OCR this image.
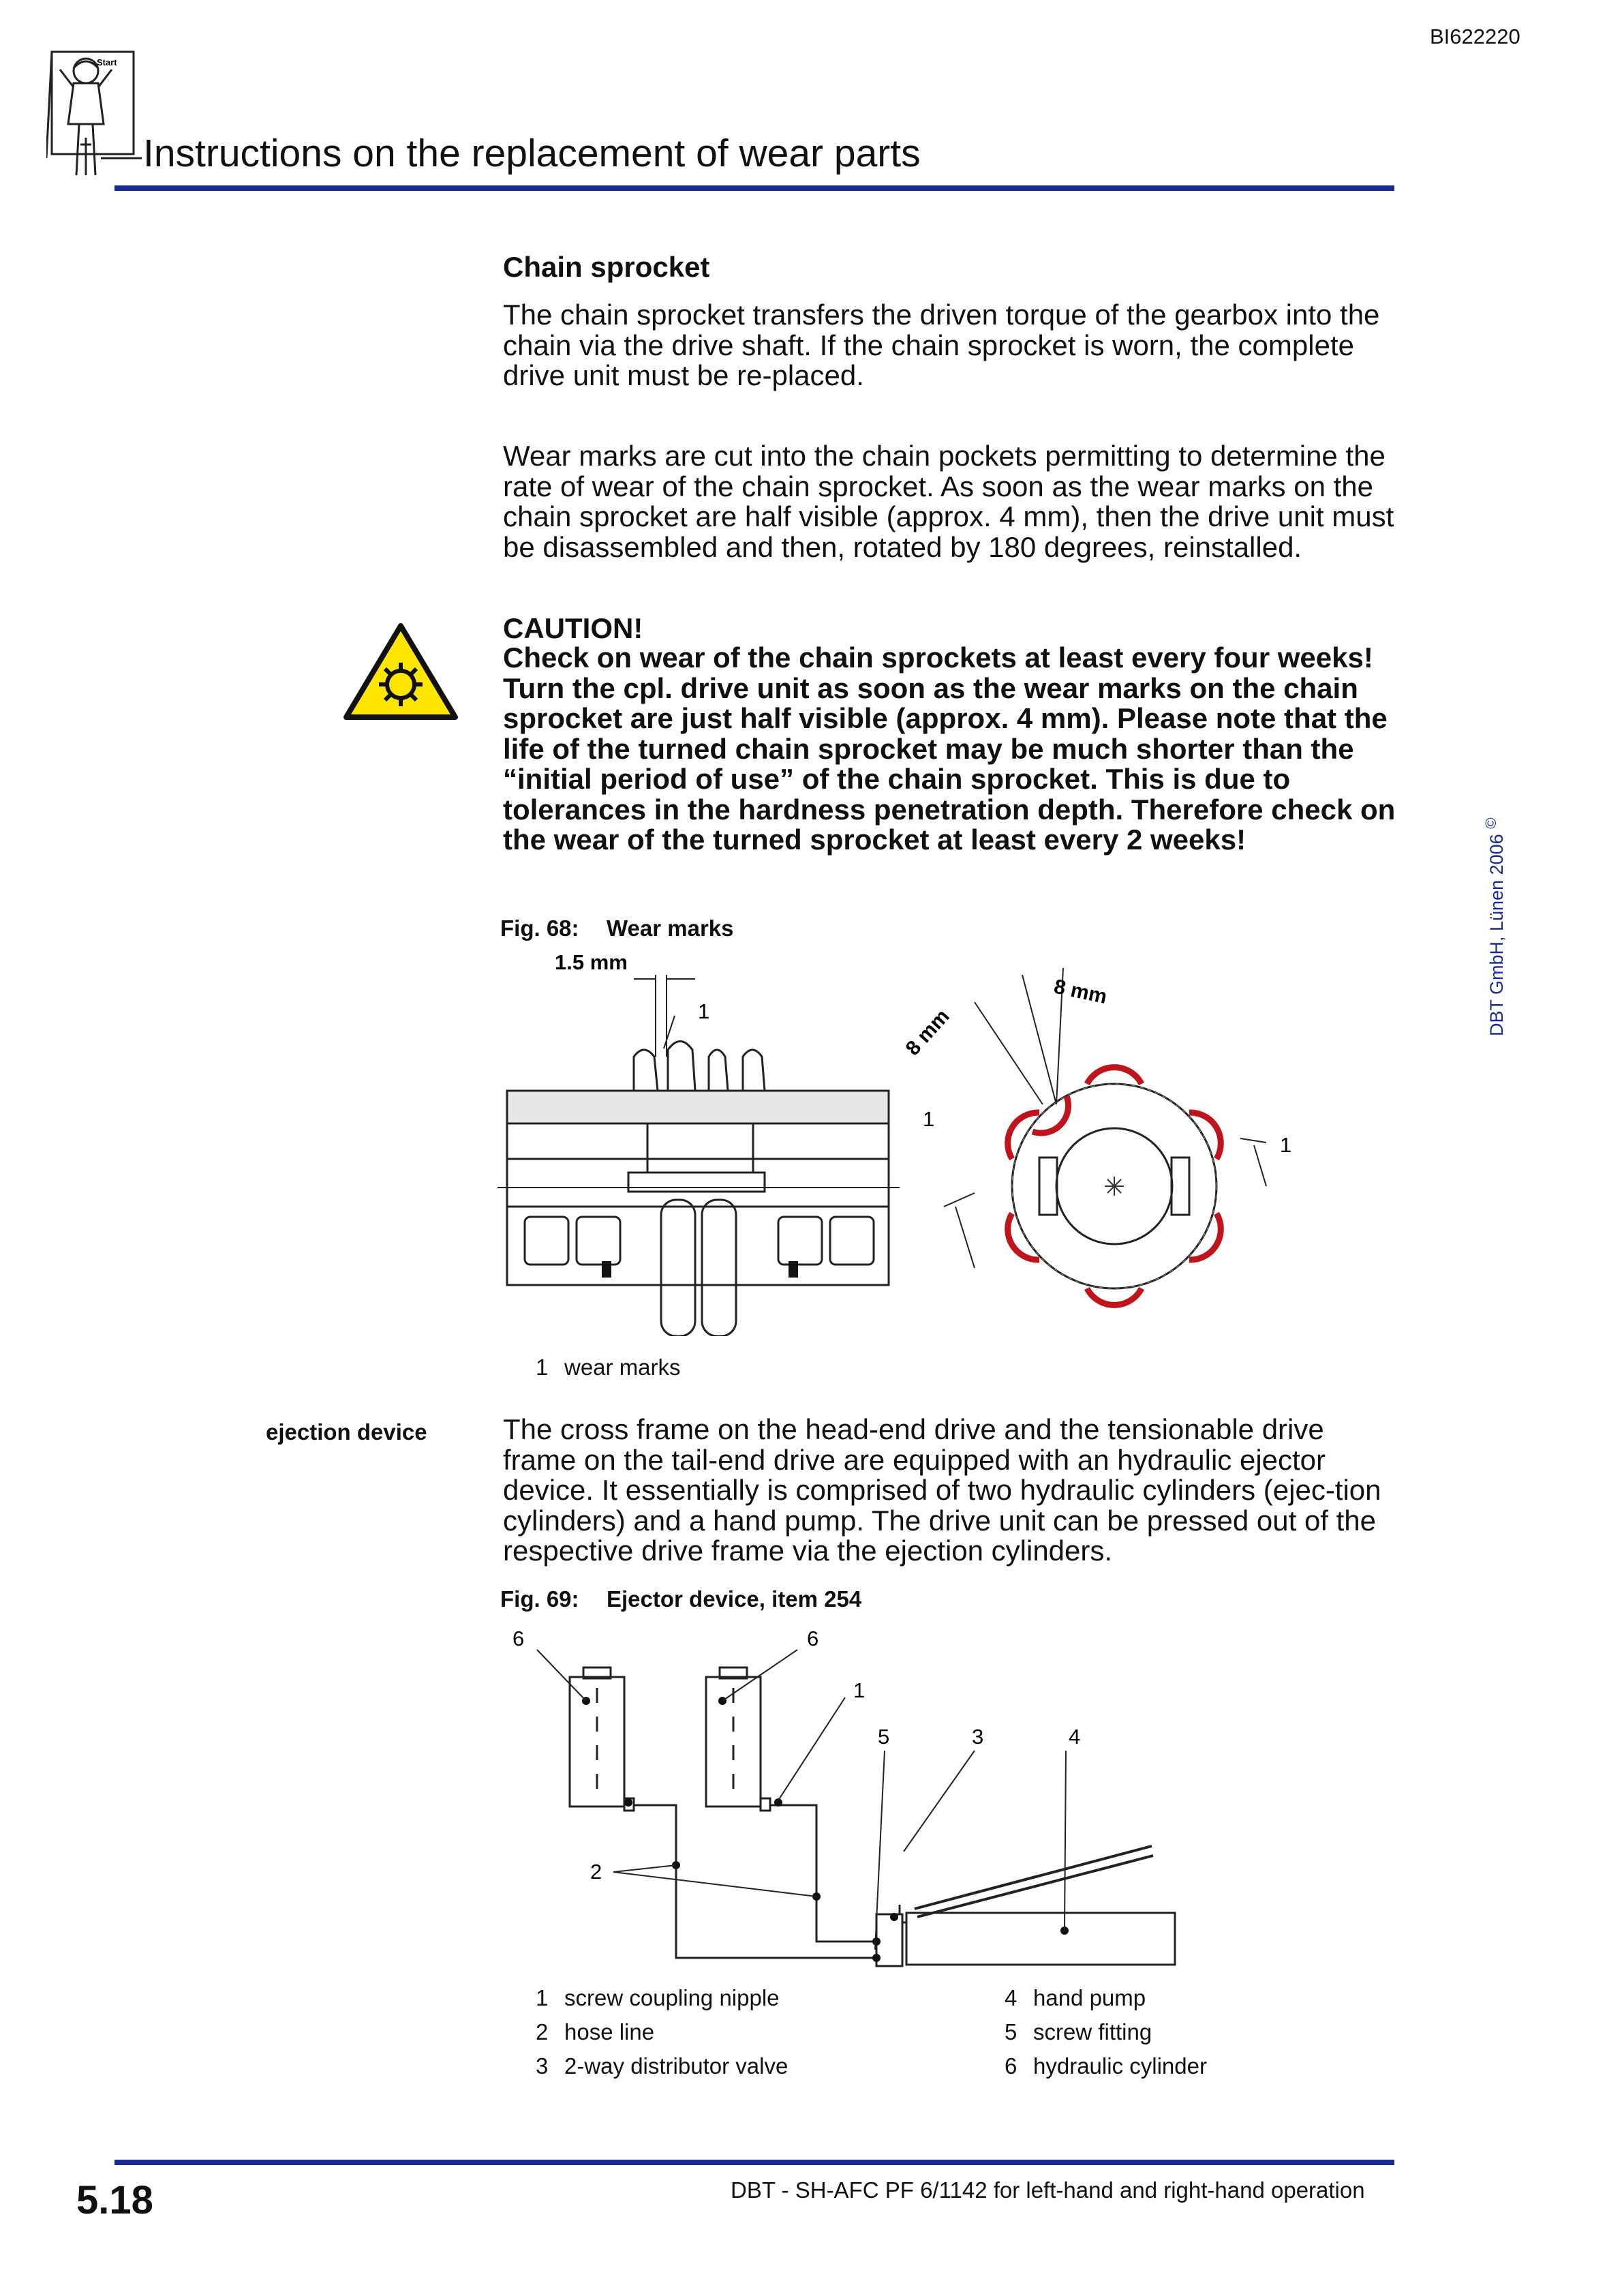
BI622220
Start
Instructions on the replacement of wear parts
Chain sprocket
The chain sprocket transfers the driven torque of the gearbox into the chain via the drive shaft. If the chain sprocket is worn, the complete drive unit must be re-placed.
Wear marks are cut into the chain pockets permitting to determine the rate of wear of the chain sprocket. As soon as the wear marks on the chain sprocket are half visible (approx. 4 mm), then the drive unit must be disassembled and then, rotated by 180 degrees, reinstalled.
CAUTION!
Check on wear of the chain sprockets at least every four weeks! Turn the cpl. drive unit as soon as the wear marks on the chain sprocket are just half visible (approx. 4 mm). Please note that the life of the turned chain sprocket may be much shorter than the “initial period of use” of the chain sprocket. This is due to tolerances in the hardness penetration depth. Therefore check on the wear of the turned sprocket at least every 2 weeks!
Fig. 68: Wear marks
1.5 mm
1
8 mm
8 mm
1
1
1 wear marks
ejection device	The cross frame on the head-end drive and the tensionable drive frame on the tail-end drive are equipped with an hydraulic ejector device. It essentially is comprised of two hydraulic cylinders (ejec-tion cylinders) and a hand pump. The drive unit can be pressed out of the respective drive frame via the ejection cylinders.
Fig. 69: Ejector device, item 254
6	6
1
5	3	4
2
1 screw coupling nipple
2 hose line
3 2-way distributor valve
4 hand pump
5 screw fitting
6 hydraulic cylinder
DBT GmbH, Lünen 2006 ©
5.18	DBT - SH-AFC PF 6/1142 for left-hand and right-hand operation
